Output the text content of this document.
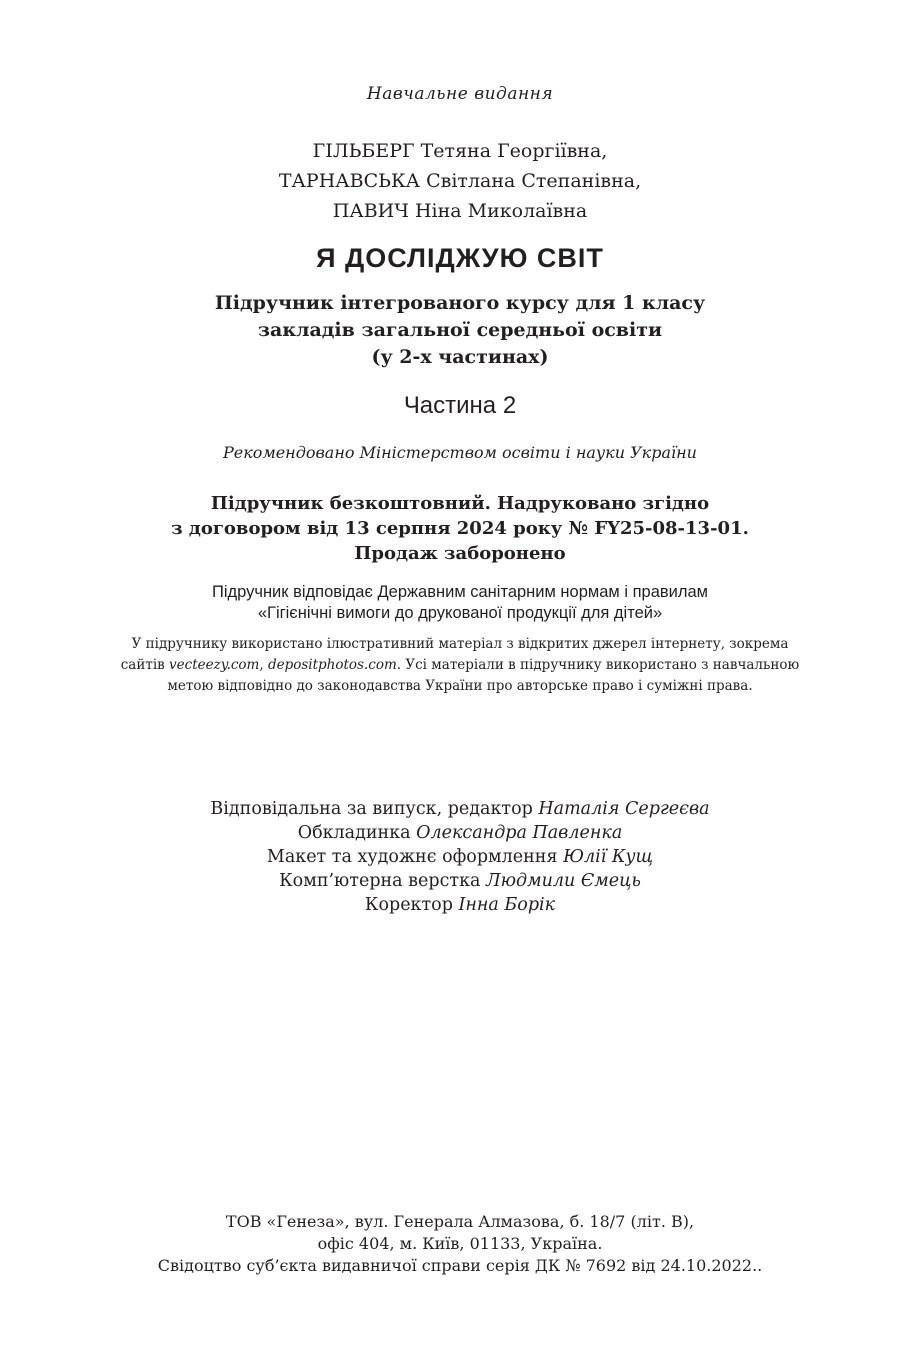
Навчальне видання
ГІЛЬБЕРГ Тетяна Георгіївна,
ТАРНАВСЬКА Світлана Степанівна,
ПАВИЧ Ніна Миколаївна
Я ДОСЛІДЖУЮ СВІТ
Підручник інтегрованого курсу для 1 класу
закладів загальної середньої освіти
(у 2-х частинах)
Частина 2
Рекомендовано Міністерством освіти і науки України
Підручник безкоштовний. Надруковано згідно
з договором від 13 серпня 2024 року № FY25-08-13-01.
Продаж заборонено
Підручник відповідає Державним санітарним нормам і правилам
«Гігієнічні вимоги до друкованої продукції для дітей»
У підручнику використано ілюстративний матеріал з відкритих джерел інтернету, зокрема
сайтів vecteezy.com, depositphotos.com. Усі матеріали в підручнику використано з навчальною
метою відповідно до законодавства України про авторське право і суміжні права.
Відповідальна за випуск, редактор Наталія Сергеєва
Обкладинка Олександра Павленка
Макет та художнє оформлення Юлії Кущ
Комп’ютерна верстка Людмили Ємець
Коректор Інна Борік
ТОВ «Генеза», вул. Генерала Алмазова, б. 18/7 (літ. В),
офіс 404, м. Київ, 01133, Україна.
Свідоцтво суб’єкта видавничої справи серія ДК № 7692 від 24.10.2022..
